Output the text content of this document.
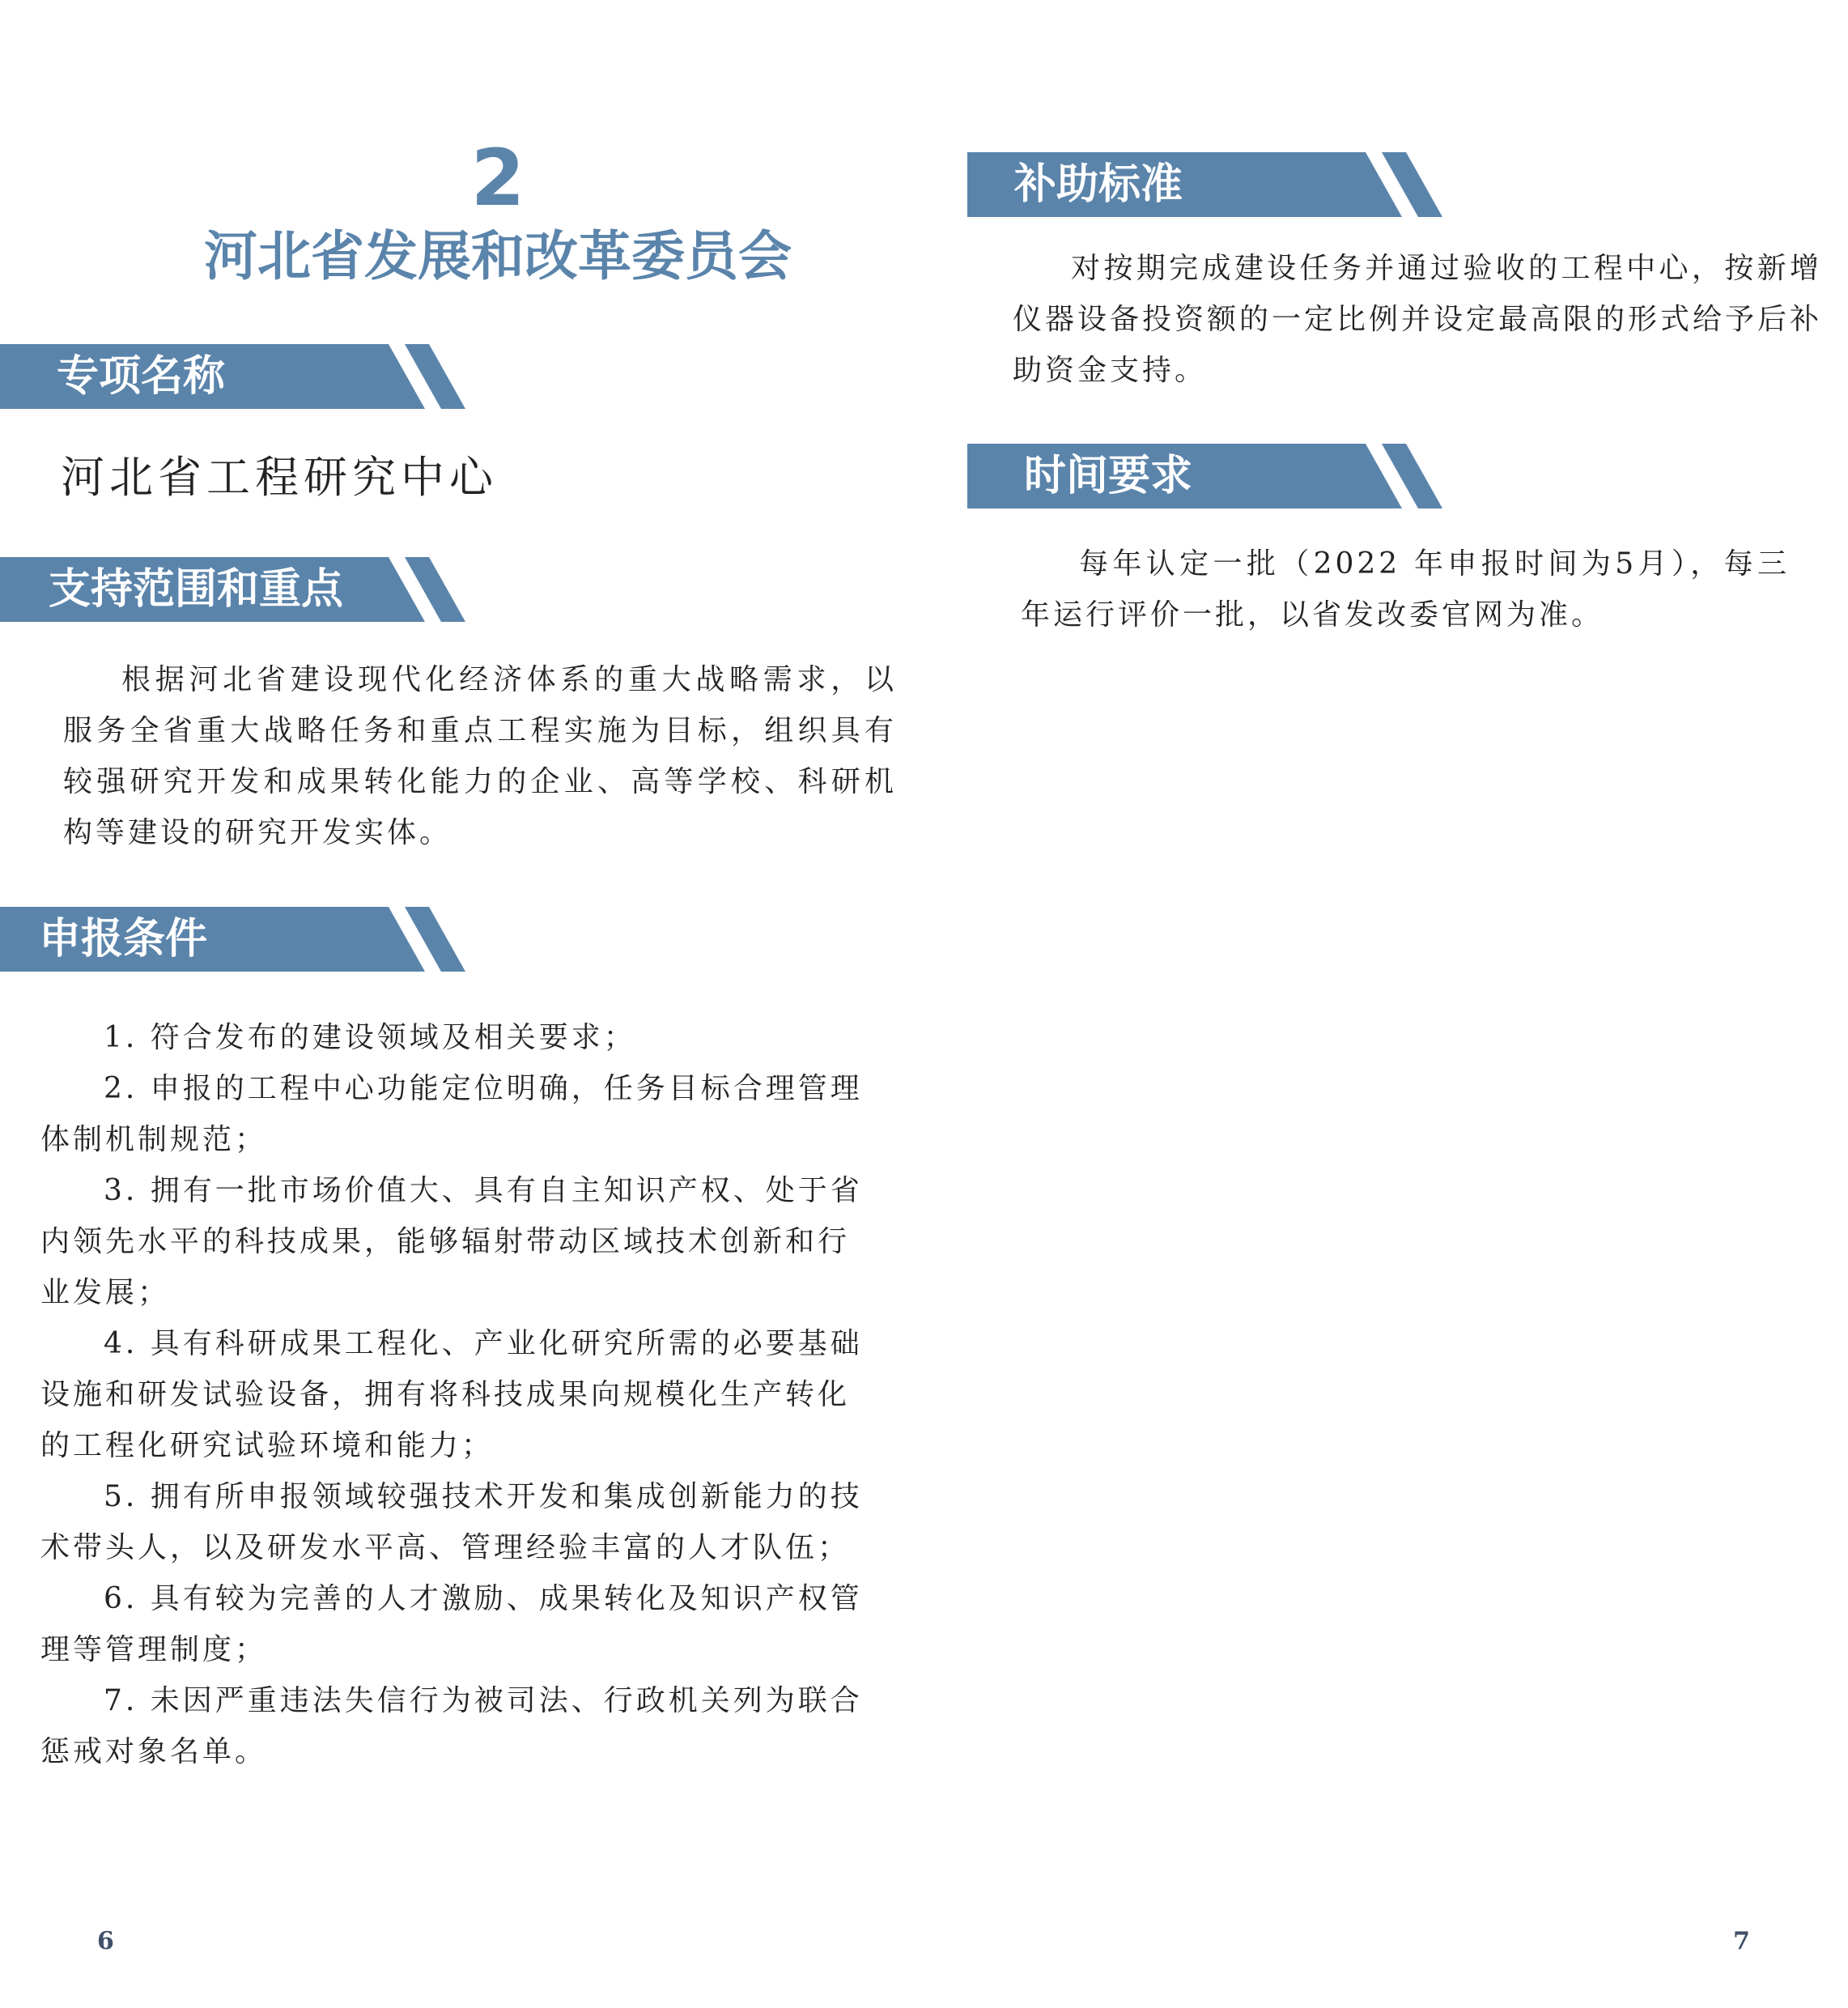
2
河北省发展和改革委员会
专项名称
河北省工程研究中心
支持范围和重点

根据河北省建设现代化经济体系的重大战略需求，以服务全省重大战略任务和重点工程实施为目标，组织具有较强研究开发和成果转化能力的企业、高等学校、科研机构等建设的研究开发实体。

申报条件

1. 符合发布的建设领域及相关要求；

2. 申报的工程中心功能定位明确，任务目标合理管理体制机制规范；

3. 拥有一批市场价值大、具有自主知识产权、处于省内领先水平的科技成果，能够辐射带动区域技术创新和行业发展；

4. 具有科研成果工程化、产业化研究所需的必要基础设施和研发试验设备，拥有将科技成果向规模化生产转化的工程化研究试验环境和能力；

5. 拥有所申报领域较强技术开发和集成创新能力的技术带头人，以及研发水平高、管理经验丰富的人才队伍；

6. 具有较为完善的人才激励、成果转化及知识产权管理等管理制度；

7. 未因严重违法失信行为被司法、行政机关列为联合惩戒对象名单。

6
补助标准

对按期完成建设任务并通过验收的工程中心，按新增仪器设备投资额的一定比例并设定最高限的形式给予后补助资金支持。

时间要求

每年认定一批（2022 年申报时间为5月），每三年运行评价一批，以省发改委官网为准。

7
